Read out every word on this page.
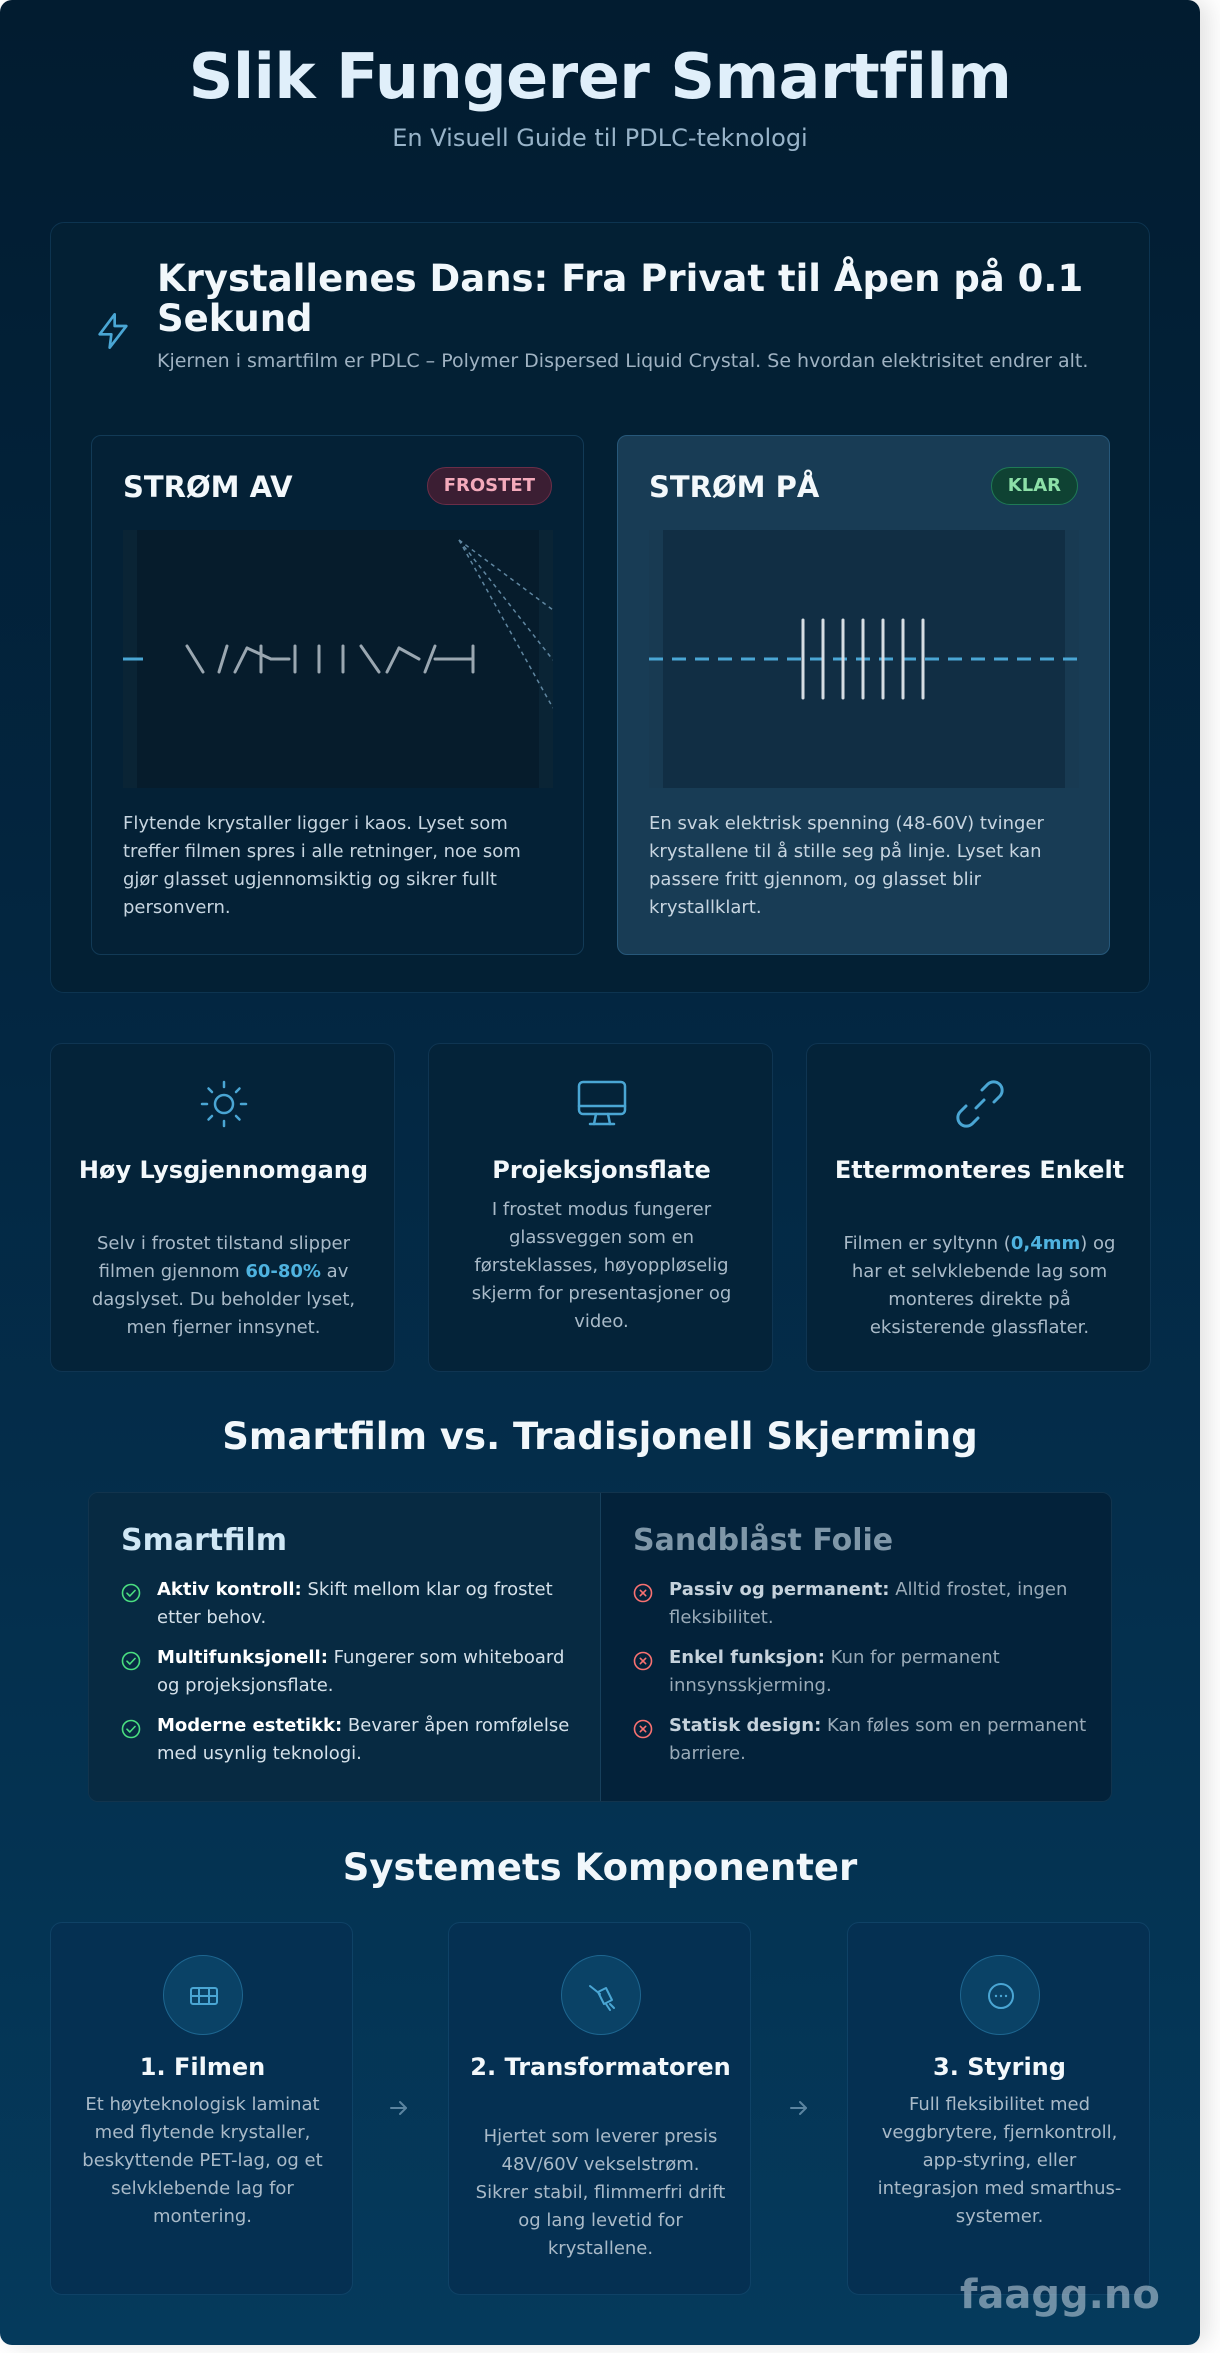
Slik Fungerer Smartfilm
En Visuell Guide til PDLC-teknologi
Krystallenes Dans: Fra Privat til Åpen på 0.1 Sekund
Kjernen i smartfilm er PDLC – Polymer Dispersed Liquid Crystal. Se hvordan elektrisitet endrer alt.
STRØM AV	FROSTET
Flytende krystaller ligger i kaos. Lyset som treffer filmen spres i alle retninger, noe som gjør glasset ugjennomsiktig og sikrer fullt personvern.
STRØM PÅ	KLAR
En svak elektrisk spenning (48-60V) tvinger krystallene til å stille seg på linje. Lyset kan passere fritt gjennom, og glasset blir krystallklart.
Høy Lysgjennomgang
Selv i frostet tilstand slipper filmen gjennom 60-80% av dagslyset. Du beholder lyset, men fjerner innsynet.
Projeksjonsflate
I frostet modus fungerer glassveggen som en førsteklasses, høyoppløselig skjerm for presentasjoner og video.
Ettermonteres Enkelt
Filmen er syltynn (0,4mm) og har et selvklebende lag som monteres direkte på eksisterende glassflater.
Smartfilm vs. Tradisjonell Skjerming
Smartfilm
Aktiv kontroll: Skift mellom klar og frostet etter behov.
Multifunksjonell: Fungerer som whiteboard og projeksjonsflate.
Moderne estetikk: Bevarer åpen romfølelse med usynlig teknologi.
Sandblåst Folie
Passiv og permanent: Alltid frostet, ingen fleksibilitet.
Enkel funksjon: Kun for permanent innsynsskjerming.
Statisk design: Kan føles som en permanent barriere.
Systemets Komponenter
1. Filmen
Et høyteknologisk laminat med flytende krystaller, beskyttende PET-lag, og et selvklebende lag for montering.
2. Transformatoren
Hjertet som leverer presis 48V/60V vekselstrøm. Sikrer stabil, flimmerfri drift og lang levetid for krystallene.
3. Styring
Full fleksibilitet med veggbrytere, fjernkontroll, app-styring, eller integrasjon med smarthus-systemer.
faagg.no
